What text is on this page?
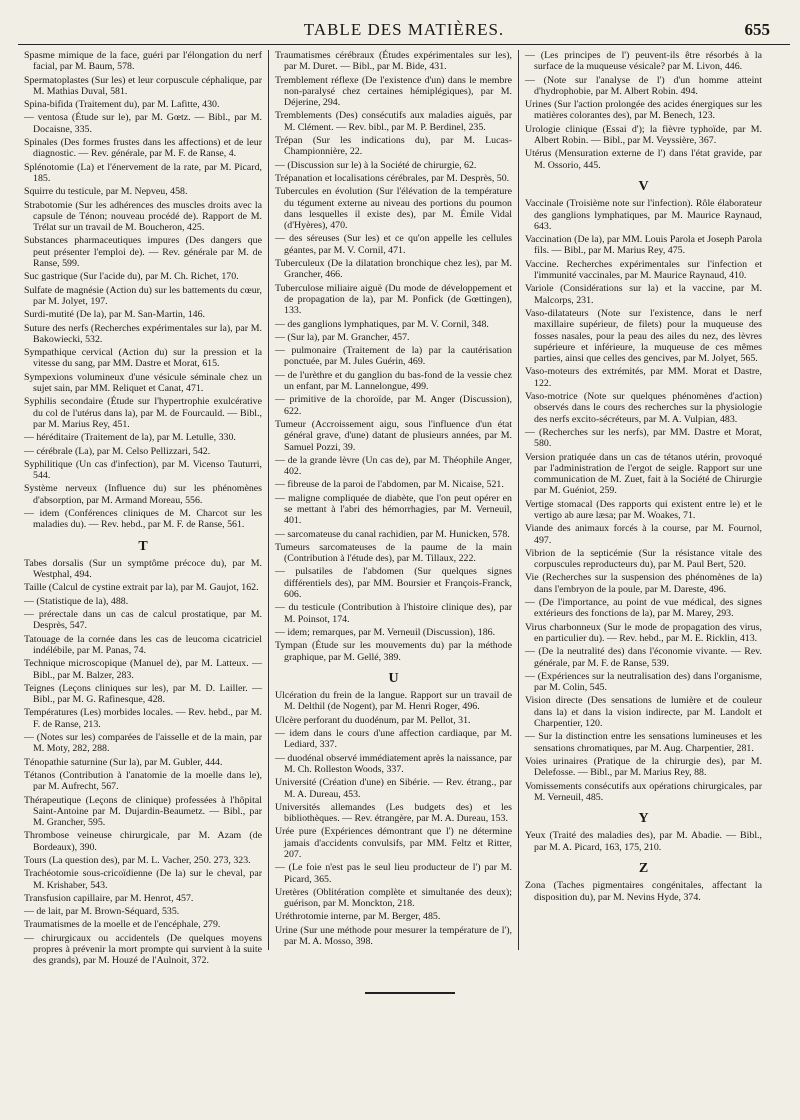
TABLE DES MATIÈRES.	655
Spasme mimique de la face, guéri par l'élongation du nerf facial, par M. Baum, 578.
Spermatoplastes (Sur les) et leur corpuscule céphalique, par M. Mathias Duval, 581.
Spina-bifida (Traitement du), par M. Lafitte, 430.
— ventosa (Étude sur le), par M. Gœtz. — Bibl., par M. Docaisne, 335.
Spinales (Des formes frustes dans les affections) et de leur diagnostic. — Rev. générale, par M. F. de Ranse, 4.
Splénotomie (La) et l'énervement de la rate, par M. Picard, 185.
Squirre du testicule, par M. Nepveu, 458.
Strabotomie (Sur les adhérences des muscles droits avec la capsule de Ténon; nouveau procédé de). Rapport de M. Trélat sur un travail de M. Boucheron, 425.
Substances pharmaceutiques impures (Des dangers que peut présenter l'emploi de). — Rev. générale par M. de Ranse, 599.
Suc gastrique (Sur l'acide du), par M. Ch. Richet, 170.
Sulfate de magnésie (Action du) sur les battements du cœur, par M. Jolyet, 197.
Surdi-mutité (De la), par M. San-Martin, 146.
Suture des nerfs (Recherches expérimentales sur la), par M. Bakowiecki, 532.
Sympathique cervical (Action du) sur la pression et la vitesse du sang, par MM. Dastre et Morat, 615.
Sympexions volumineux d'une vésicule séminale chez un sujet sain, par MM. Reliquet et Canat, 471.
Syphilis secondaire (Étude sur l'hypertrophie exulcérative du col de l'utérus dans la), par M. de Fourcauld. — Bibl., par M. Marius Rey, 451.
— héréditaire (Traitement de la), par M. Letulle, 330.
— cérébrale (La), par M. Celso Pellizzari, 542.
Syphilitique (Un cas d'infection), par M. Vicenso Tauturri, 544.
Système nerveux (Influence du) sur les phénomènes d'absorption, par M. Armand Moreau, 556.
— idem (Conférences cliniques de M. Charcot sur les maladies du). — Rev. hebd., par M. F. de Ranse, 561.
T
Tabes dorsalis (Sur un symptôme précoce du), par M. Westphal, 494.
Taille (Calcul de cystine extrait par la), par M. Gaujot, 162.
— (Statistique de la), 488.
— prérectale dans un cas de calcul prostatique, par M. Desprès, 547.
Tatouage de la cornée dans les cas de leucoma cicatriciel indélébile, par M. Panas, 74.
Technique microscopique (Manuel de), par M. Latteux. — Bibl., par M. Balzer, 283.
Teignes (Leçons cliniques sur les), par M. D. Lailler. — Bibl., par M. G. Rafinesque, 428.
Températures (Les) morbides locales. — Rev. hebd., par M. F. de Ranse, 213.
— (Notes sur les) comparées de l'aisselle et de la main, par M. Moty, 282, 288.
Ténopathie saturnine (Sur la), par M. Gubler, 444.
Tétanos (Contribution à l'anatomie de la moelle dans le), par M. Aufrecht, 567.
Thérapeutique (Leçons de clinique) professées à l'hôpital Saint-Antoine par M. Dujardin-Beaumetz. — Bibl., par M. Grancher, 595.
Thrombose veineuse chirurgicale, par M. Azam (de Bordeaux), 390.
Tours (La question des), par M. L. Vacher, 250. 273, 323.
Trachéotomie sous-cricoïdienne (De la) sur le cheval, par M. Krishaber, 543.
Transfusion capillaire, par M. Henrot, 457.
— de lait, par M. Brown-Séquard, 535.
Traumatismes de la moelle et de l'encéphale, 279.
— chirurgicaux ou accidentels (De quelques moyens propres à prévenir la mort prompte qui survient à la suite des grands), par M. Houzé de l'Aulnoit, 372.
Traumatismes cérébraux (Études expérimentales sur les), par M. Duret. — Bibl., par M. Bide, 431.
Tremblement réflexe (De l'existence d'un) dans le membre non-paralysé chez certaines hémiplégiques), par M. Déjerine, 294.
Tremblements (Des) consécutifs aux maladies aiguës, par M. Clément. — Rev. bibl., par M. P. Berdinel, 235.
Trépan (Sur les indications du), par M. Lucas-Championnière, 22.
— (Discussion sur le) à la Société de chirurgie, 62.
Trépanation et localisations cérébrales, par M. Desprès, 50.
Tubercules en évolution (Sur l'élévation de la température du tégument externe au niveau des portions du poumon dans lesquelles il existe des), par M. Émile Vidal (d'Hyères), 470.
— des séreuses (Sur les) et ce qu'on appelle les cellules géantes, par M. V. Cornil, 471.
Tuberculeux (De la dilatation bronchique chez les), par M. Grancher, 466.
Tuberculose miliaire aiguë (Du mode de développement et de propagation de la), par M. Ponfick (de Gœttingen), 133.
— des ganglions lymphatiques, par M. V. Cornil, 348.
— (Sur la), par M. Grancher, 457.
— pulmonaire (Traitement de la) par la cautérisation ponctuée, par M. Jules Guérin, 469.
— de l'urèthre et du ganglion du bas-fond de la vessie chez un enfant, par M. Lannelongue, 499.
— primitive de la choroïde, par M. Anger (Discussion), 622.
Tumeur (Accroissement aigu, sous l'influence d'un état général grave, d'une) datant de plusieurs années, par M. Samuel Pozzi, 39.
— de la grande lèvre (Un cas de), par M. Théophile Anger, 402.
— fibreuse de la paroi de l'abdomen, par M. Nicaise, 521.
— maligne compliquée de diabète, que l'on peut opérer en se mettant à l'abri des hémorrhagies, par M. Verneuil, 401.
— sarcomateuse du canal rachidien, par M. Hunicken, 578.
Tumeurs sarcomateuses de la paume de la main (Contribution à l'étude des), par M. Tillaux, 222.
— pulsatiles de l'abdomen (Sur quelques signes différentiels des), par MM. Boursier et François-Franck, 606.
— du testicule (Contribution à l'histoire clinique des), par M. Poinsot, 174.
— idem; remarques, par M. Verneuil (Discussion), 186.
Tympan (Étude sur les mouvements du) par la méthode graphique, par M. Gellé, 389.
U
Ulcération du frein de la langue. Rapport sur un travail de M. Delthil (de Nogent), par M. Henri Roger, 496.
Ulcère perforant du duodénum, par M. Pellot, 31.
— idem dans le cours d'une affection cardiaque, par M. Lediard, 337.
— duodénal observé immédiatement après la naissance, par M. Ch. Rolleston Woods, 337.
Université (Création d'une) en Sibérie. — Rev. étrang., par M. A. Dureau, 453.
Universités allemandes (Les budgets des) et les bibliothèques. — Rev. étrangère, par M. A. Dureau, 153.
Urée pure (Expériences démontrant que l') ne détermine jamais d'accidents convulsifs, par MM. Feltz et Ritter, 207.
— (Le foie n'est pas le seul lieu producteur de l') par M. Picard, 365.
Uretères (Oblitération complète et simultanée des deux); guérison, par M. Monckton, 218.
Uréthrotomie interne, par M. Berger, 485.
Urine (Sur une méthode pour mesurer la température de l'), par M. A. Mosso, 398.
— (Les principes de l') peuvent-ils être résorbés à la surface de la muqueuse vésicale? par M. Livon, 446.
— (Note sur l'analyse de l') d'un homme atteint d'hydrophobie, par M. Albert Robin. 494.
Urines (Sur l'action prolongée des acides énergiques sur les matières colorantes des), par M. Benech, 123.
Urologie clinique (Essai d'); la fièvre typhoïde, par M. Albert Robin. — Bibl., par M. Veyssière, 367.
Utérus (Mensuration externe de l') dans l'état gravide, par M. Ossorio, 445.
V
Vaccinale (Troisième note sur l'infection). Rôle élaborateur des ganglions lymphatiques, par M. Maurice Raynaud, 643.
Vaccination (De la), par MM. Louis Parola et Joseph Parola fils. — Bibl., par M. Marius Rey, 475.
Vaccine. Recherches expérimentales sur l'infection et l'immunité vaccinales, par M. Maurice Raynaud, 410.
Variole (Considérations sur la) et la vaccine, par M. Malcorps, 231.
Vaso-dilatateurs (Note sur l'existence, dans le nerf maxillaire supérieur, de filets) pour la muqueuse des fosses nasales, pour la peau des ailes du nez, des lèvres supérieure et inférieure, la muqueuse de ces mêmes parties, ainsi que celles des gencives, par M. Jolyet, 565.
Vaso-moteurs des extrémités, par MM. Morat et Dastre, 122.
Vaso-motrice (Note sur quelques phénomènes d'action) observés dans le cours des recherches sur la physiologie des nerfs excito-sécréteurs, par M. A. Vulpian, 483.
— (Recherches sur les nerfs), par MM. Dastre et Morat, 580.
Version pratiquée dans un cas de tétanos utérin, provoqué par l'administration de l'ergot de seigle. Rapport sur une communication de M. Zuet, fait à la Société de Chirurgie par M. Guéniot, 259.
Vertige stomacal (Des rapports qui existent entre le) et le vertigo ab aure læsa; par M. Woakes, 71.
Viande des animaux forcés à la course, par M. Fournol, 497.
Vibrion de la septicémie (Sur la résistance vitale des corpuscules reproducteurs du), par M. Paul Bert, 520.
Vie (Recherches sur la suspension des phénomènes de la) dans l'embryon de la poule, par M. Dareste, 496.
— (De l'importance, au point de vue médical, des signes extérieurs des fonctions de la), par M. Marey, 293.
Virus charbonneux (Sur le mode de propagation des virus, en particulier du). — Rev. hebd., par M. E. Ricklin, 413.
— (De la neutralité des) dans l'économie vivante. — Rev. générale, par M. F. de Ranse, 539.
— (Expériences sur la neutralisation des) dans l'organisme, par M. Colin, 545.
Vision directe (Des sensations de lumière et de couleur dans la) et dans la vision indirecte, par M. Landolt et Charpentier, 120.
— Sur la distinction entre les sensations lumineuses et les sensations chromatiques, par M. Aug. Charpentier, 281.
Voies urinaires (Pratique de la chirurgie des), par M. Delefosse. — Bibl., par M. Marius Rey, 88.
Vomissements consécutifs aux opérations chirurgicales, par M. Verneuil, 485.
Y
Yeux (Traité des maladies des), par M. Abadie. — Bibl., par M. A. Picard, 163, 175, 210.
Z
Zona (Taches pigmentaires congénitales, affectant la disposition du), par M. Nevins Hyde, 374.
